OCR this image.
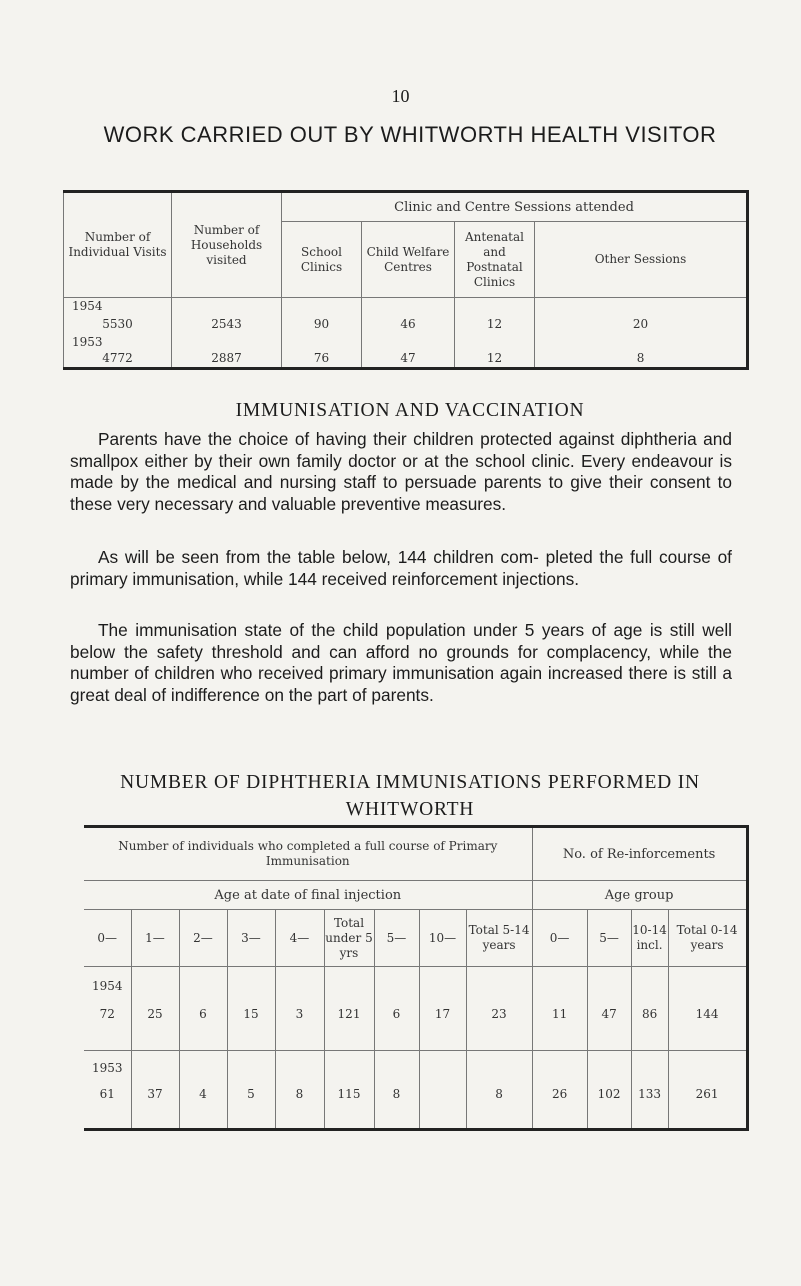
10
WORK CARRIED OUT BY WHITWORTH HEALTH VISITOR
Number of Individual Visits	Number of Households visited	Clinic and Centre Sessions attended			
		School Clinics	Child Welfare Centres	Antenatal and Postnatal Clinics	Other Sessions
1954					
5530	2543	90	46	12	20
1953					
4772	2887	76	47	12	8
IMMUNISATION AND VACCINATION
Parents have the choice of having their children protected against diphtheria and smallpox either by their own family doctor or at the school clinic. Every endeavour is made by the medical and nursing staff to persuade parents to give their consent to these very necessary and valuable preventive measures.
As will be seen from the table below, 144 children com- pleted the full course of primary immunisation, while 144 received reinforcement injections.
The immunisation state of the child population under 5 years of age is still well below the safety threshold and can afford no grounds for complacency, while the number of children who received primary immunisation again increased there is still a great deal of indifference on the part of parents.
NUMBER OF DIPHTHERIA IMMUNISATIONS PERFORMED IN WHITWORTH
Number of individuals who completed a full course of Primary Immunisation									No. of Re-inforcements			
Age at date of final injection									Age group			
0—	1—	2—	3—	4—	Total under 5 yrs	5—	10—	Total 5-14 years	0—	5—	10-14 incl.	Total 0-14 years
1954												
72	25	6	15	3	121	6	17	23	11	47	86	144
1953												
61	37	4	5	8	115	8		8	26	102	133	261
